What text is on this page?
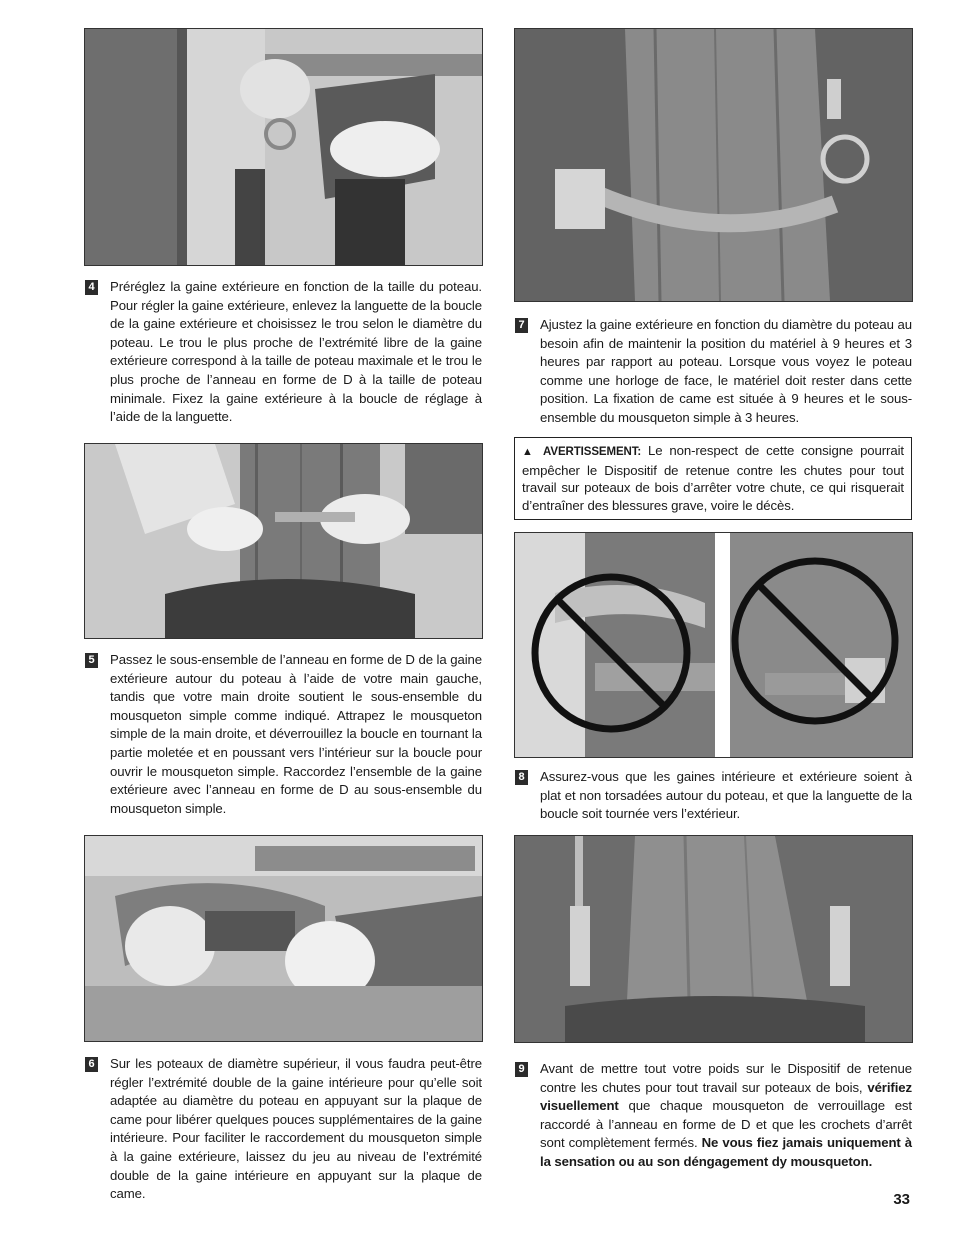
4 Préréglez la gaine extérieure en fonction de la taille du poteau. Pour régler la gaine extérieure, enlevez la languette de la boucle de la gaine extérieure et choisissez le trou selon le diamètre du poteau. Le trou le plus proche de l’extrémité libre de la gaine extérieure correspond à la taille de poteau maximale et le trou le plus proche de l’anneau en forme de D à la taille de poteau minimale. Fixez la gaine extérieure à la boucle de réglage à l’aide de la languette.
5 Passez le sous-ensemble de l’anneau en forme de D de la gaine extérieure autour du poteau à l’aide de votre main gauche, tandis que votre main droite soutient le sous-ensemble du mousqueton simple comme indiqué. Attrapez le mousqueton simple de la main droite, et déverrouillez la boucle en tournant la partie moletée et en poussant vers l’intérieur sur la boucle pour ouvrir le mousqueton simple. Raccordez l’ensemble de la gaine extérieure avec l’anneau en forme de D au sous-ensemble du mousqueton simple.
6 Sur les poteaux de diamètre supérieur, il vous faudra peut-être régler l’extrémité double de la gaine intérieure pour qu’elle soit adaptée au diamètre du poteau en appuyant sur la plaque de came pour libérer quelques pouces supplémentaires de la gaine intérieure. Pour faciliter le raccordement du mousqueton simple à la gaine extérieure, laissez du jeu au niveau de l’extrémité double de la gaine intérieure en appuyant sur la plaque de came.
7 Ajustez la gaine extérieure en fonction du diamètre du poteau au besoin afin de maintenir la position du matériel à 9 heures et 3 heures par rapport au poteau. Lorsque vous voyez le poteau comme une horloge de face, le matériel doit rester dans cette position. La fixation de came est située à 9 heures et le sous-ensemble du mousqueton simple à 3 heures.
▲ AVERTISSEMENT: Le non-respect de cette consigne pourrait empêcher le Dispositif de retenue contre les chutes pour tout travail sur poteaux de bois d’arrêter votre chute, ce qui risquerait d’entraîner des blessures grave, voire le décès.
8 Assurez-vous que les gaines intérieure et extérieure soient à plat et non torsadées autour du poteau, et que la languette de la boucle soit tournée vers l’extérieur.
9 Avant de mettre tout votre poids sur le Dispositif de retenue contre les chutes pour tout travail sur poteaux de bois, vérifiez visuellement que chaque mousqueton de verrouillage est raccordé à l’anneau en forme de D et que les crochets d’arrêt sont complètement fermés. Ne vous fiez jamais uniquement à la sensation ou au son déngagement dy mousqueton.
33
